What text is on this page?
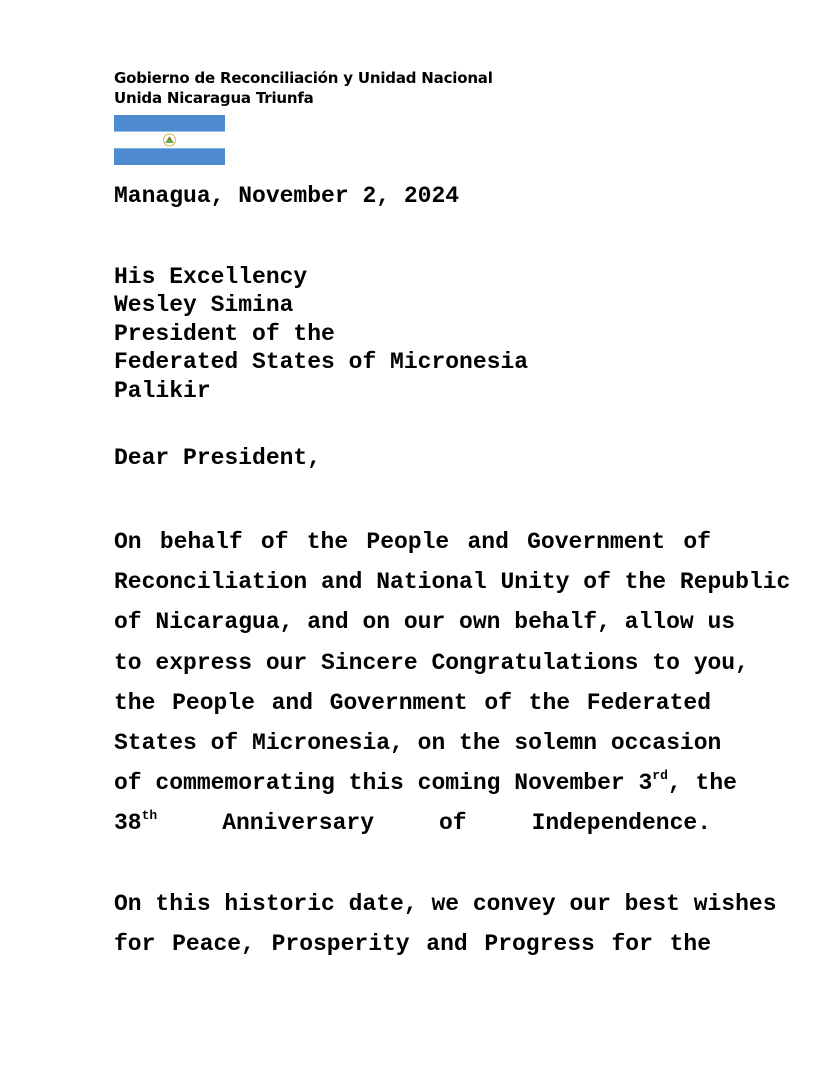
Gobierno de Reconciliación y Unidad Nacional
Unida Nicaragua Triunfa
Managua, November 2, 2024
His Excellency
Wesley Simina
President of the
Federated States of Micronesia
Palikir
Dear President,
On behalf of the People and Government of
Reconciliation and National Unity of the Republic
of Nicaragua, and on our own behalf, allow us
to express our Sincere Congratulations to you,
the People and Government of the Federated
States of Micronesia, on the solemn occasion
of commemorating this coming November 3rd, the
38th Anniversary of Independence.
On this historic date, we convey our best wishes
for Peace, Prosperity and Progress for the
